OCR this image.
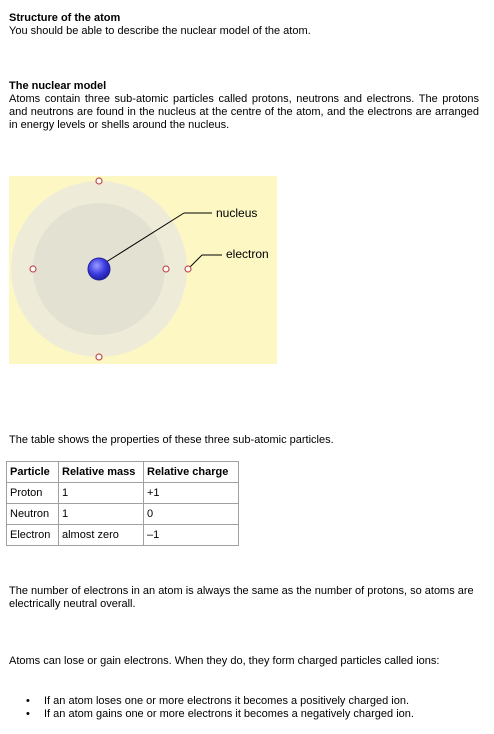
Structure of the atom
You should be able to describe the nuclear model of the atom.
The nuclear model
Atoms contain three sub-atomic particles called protons, neutrons and electrons. The protons and neutrons are found in the nucleus at the centre of the atom, and the electrons are arranged in energy levels or shells around the nucleus.
nucleus
electron
The table shows the properties of these three sub-atomic particles.
Particle	Relative mass	Relative charge
Proton	1	+1
Neutron	1	0
Electron	almost zero	–1
The number of electrons in an atom is always the same as the number of protons, so atoms are electrically neutral overall.
Atoms can lose or gain electrons. When they do, they form charged particles called ions:
• If an atom loses one or more electrons it becomes a positively charged ion.
• If an atom gains one or more electrons it becomes a negatively charged ion.
